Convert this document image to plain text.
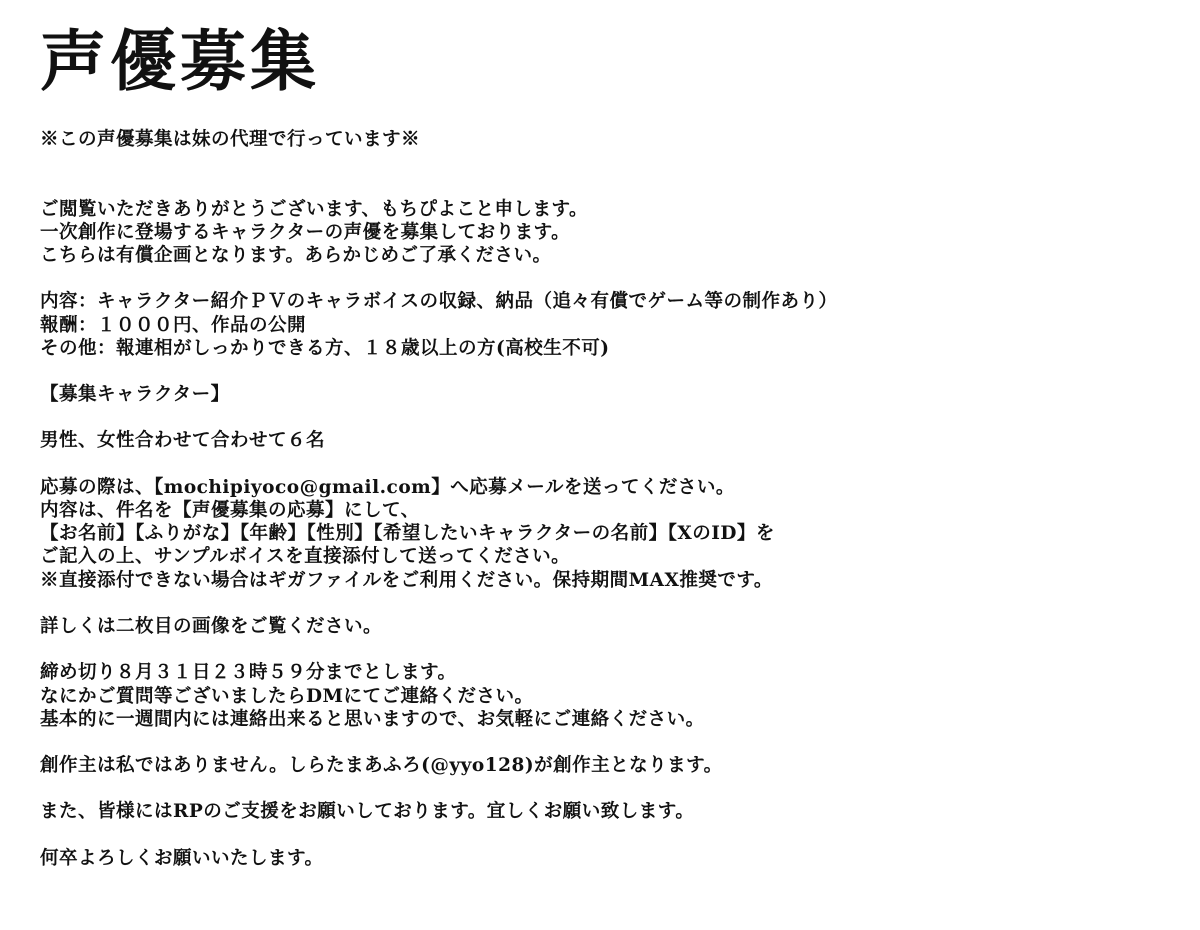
声優募集
※この声優募集は妹の代理で行っています※
ご閲覧いただきありがとうございます、もちぴよこと申します。
一次創作に登場するキャラクターの声優を募集しております。
こちらは有償企画となります。あらかじめご了承ください。
内容：キャラクター紹介ＰＶのキャラボイスの収録、納品（追々有償でゲーム等の制作あり）
報酬：１０００円、作品の公開
その他：報連相がしっかりできる方、１８歳以上の方(高校生不可)
【募集キャラクター】
男性、女性合わせて合わせて６名
応募の際は、【mochipiyoco@gmail.com】へ応募メールを送ってください。
内容は、件名を【声優募集の応募】にして、
【お名前】【ふりがな】【年齢】【性別】【希望したいキャラクターの名前】【XのID】を
ご記入の上、サンプルボイスを直接添付して送ってください。
※直接添付できない場合はギガファイルをご利用ください。保持期間MAX推奨です。
詳しくは二枚目の画像をご覧ください。
締め切り８月３１日２３時５９分までとします。
なにかご質問等ございましたらDMにてご連絡ください。
基本的に一週間内には連絡出来ると思いますので、お気軽にご連絡ください。
創作主は私ではありません。しらたまあふろ(@yyo128)が創作主となります。
また、皆様にはRPのご支援をお願いしております。宜しくお願い致します。
何卒よろしくお願いいたします。
